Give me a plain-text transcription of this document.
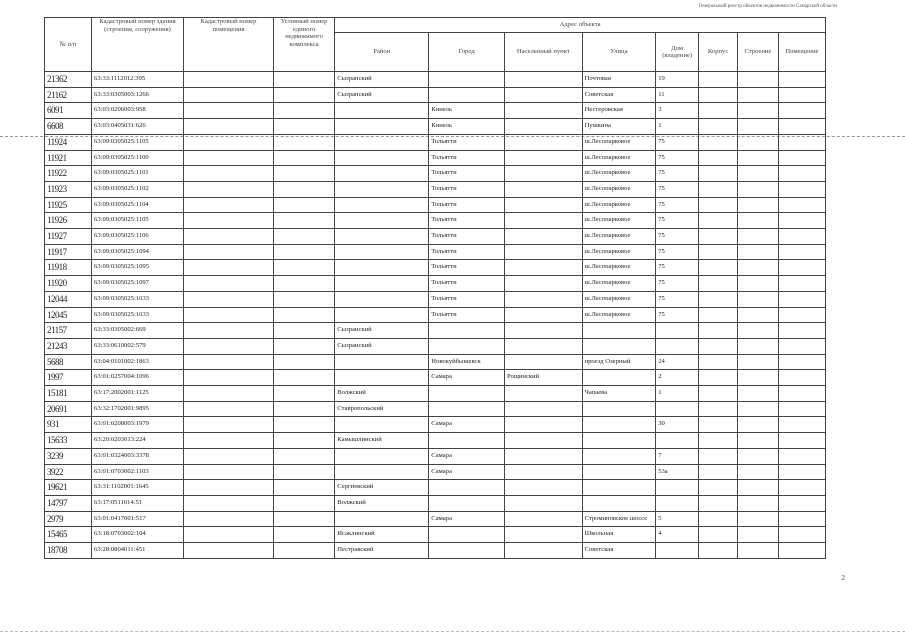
Генеральный реестр объектов недвижимости Самарской области
№ п/п	Кадастровый номер здания (строения, сооружения)	Кадастровый номер помещения	Условный номер единого недвижимого комплекса	Адрес объекта							
				Район	Город	Населенный пункт	Улица	Дом (владение)	Корпус	Строение	Помещение
21362	63:33:1112012:395			Сызранский			Почтовая	19			
21162	63:33:0305003:1266			Сызранский			Советская	11			
6091	63:03:0206003:958				Кинель		Нестеровская	3			
6608	63:03:0405031:626				Кинель		Пушкина	1			
11924	63:09:0305025:1105				Тольятти		ш.Лесопарковое	75			
11921	63:09:0305025:1100				Тольятти		ш.Лесопарковое	75			
11922	63:09:0305025:1101				Тольятти		ш.Лесопарковое	75			
11923	63:09:0305025:1102				Тольятти		ш.Лесопарковое	75			
11925	63:09:0305025:1104				Тольятти		ш.Лесопарковое	75			
11926	63:09:0305025:1105				Тольятти		ш.Лесопарковое	75			
11927	63:09:0305025:1106				Тольятти		ш.Лесопарковое	75			
11917	63:09:0305025:1094				Тольятти		ш.Лесопарковое	75			
11918	63:09:0305025:1095				Тольятти		ш.Лесопарковое	75			
11920	63:09:0305025:1097				Тольятти		ш.Лесопарковое	75			
12044	63:09:0305025:1633				Тольятти		ш.Лесопарковое	75			
12045	63:09:0305025:1633				Тольятти		ш.Лесопарковое	75			
21157	63:33:0305002:669			Сызранский							
21243	63:33:0610002:579			Сызранский							
5688	63:04:0101002:1863				Новокуйбышевск		проезд Озерный	24			
1997	63:01:0257004:1096				Самара	Рощинский		2			
15181	63:17:2002001:1125			Волжский			Чапаева	1			
20691	63:32:1702001:9895			Ставропольский							
931	63:01:0208003:1979				Самара			30			
15633	63:20:0203013:224			Камышлинский							
3239	63:01:0324003:3378				Самара			7			
3922	63:01:0703002:1103				Самара			53а			
19621	63:31:1102001:1645			Сергиевский							
14797	63:17:0511014:51			Волжский							
2979	63:01:0417001:517				Самара		Строминовское шоссе	5			
15465	63:18:0703002:104			Исаклинский			Школьная	4			
18708	63:28:0804011:451			Пестравский			Советская				
2
